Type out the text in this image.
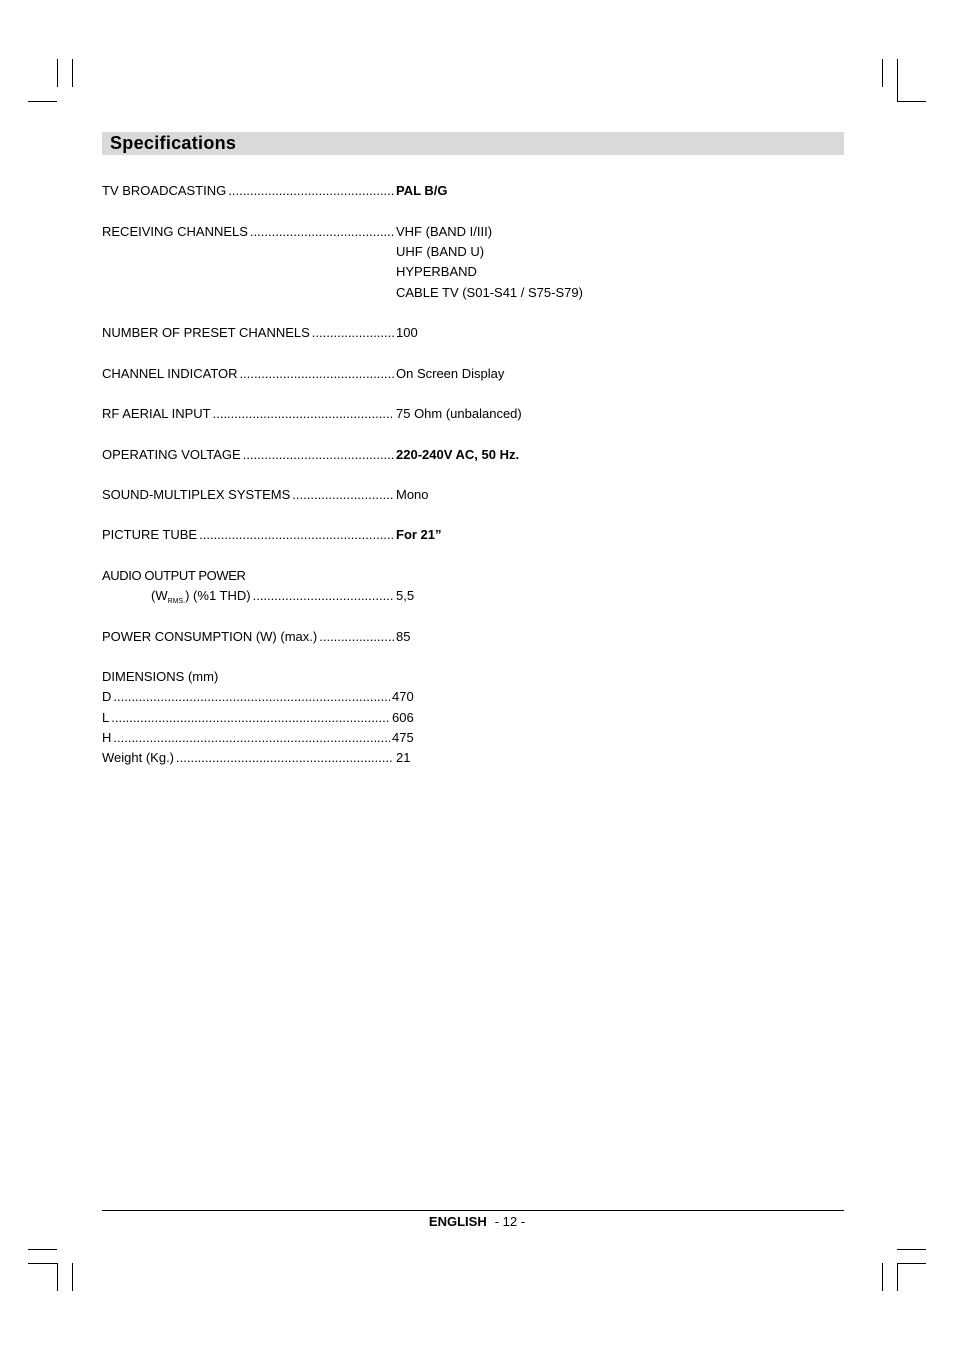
Specifications
TV BROADCASTING .....	PAL B/G
RECEIVING CHANNELS .....	VHF (BAND I/III)
UHF (BAND U)
HYPERBAND
CABLE TV (S01-S41 / S75-S79)
NUMBER OF PRESET CHANNELS .....	100
CHANNEL INDICATOR .....	On Screen Display
RF AERIAL INPUT .....	75 Ohm (unbalanced)
OPERATING VOLTAGE .....	220-240V AC, 50 Hz.
SOUND-MULTIPLEX SYSTEMS .....	Mono
PICTURE TUBE .....	For 21”
AUDIO OUTPUT POWER
$(W_{RMS.})$ (%1 THD) .....	5,5
POWER CONSUMPTION (W) (max.) .....	85
DIMENSIONS (mm)
D .....	470
L .....	606
H .....	475
Weight (Kg.) .....	21
ENGLISH - 12 -
